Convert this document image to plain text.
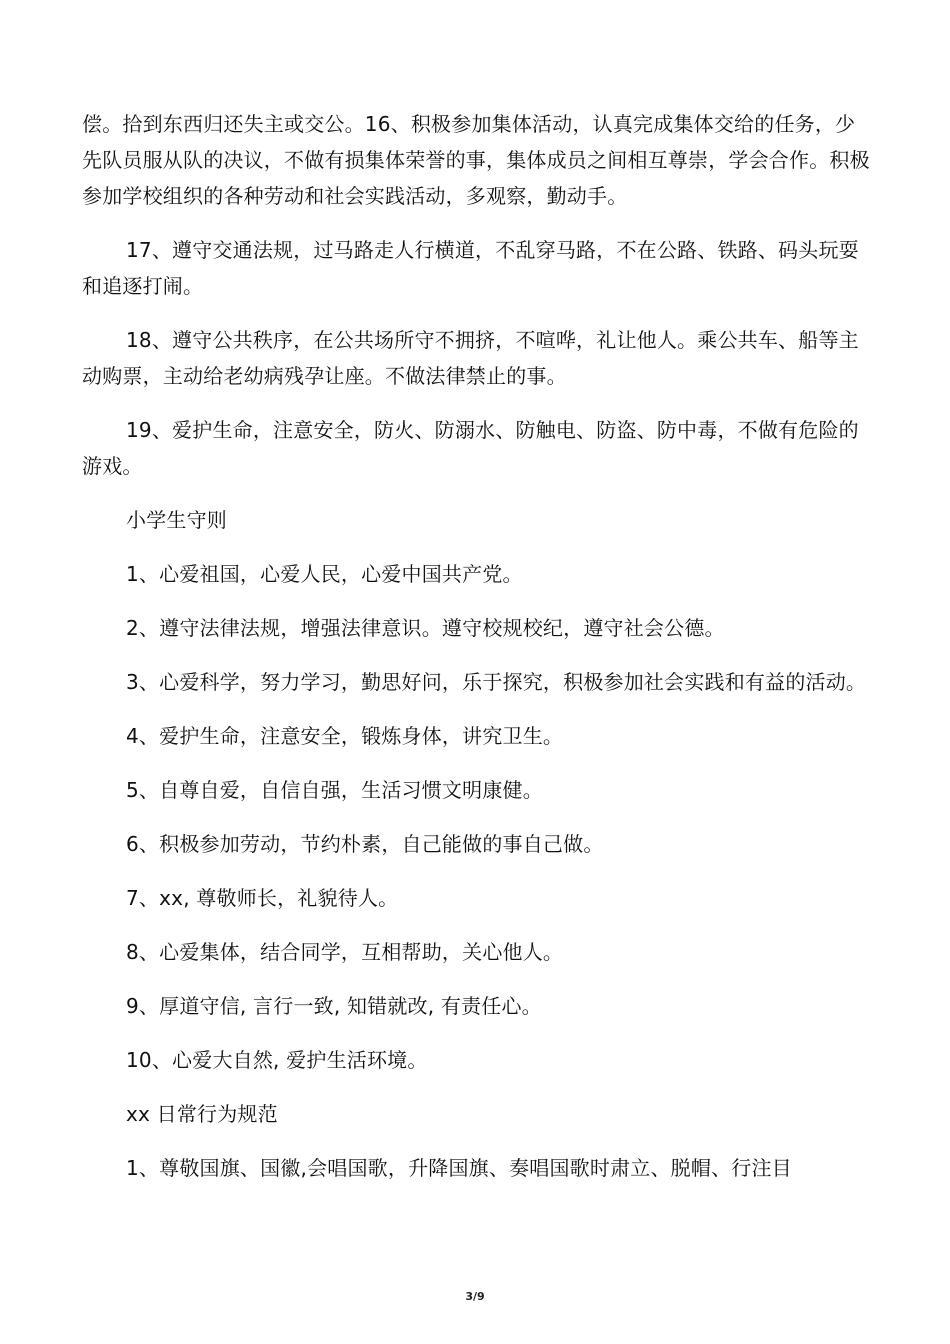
偿。拾到东西归还失主或交公。16、积极参加集体活动，认真完成集体交给的任务，少先队员服从队的决议，不做有损集体荣誉的事，集体成员之间相互尊崇，学会合作。积极参加学校组织的各种劳动和社会实践活动，多观察，勤动手。

17、遵守交通法规，过马路走人行横道，不乱穿马路，不在公路、铁路、码头玩耍和追逐打闹。

18、遵守公共秩序，在公共场所守不拥挤，不喧哗，礼让他人。乘公共车、船等主动购票，主动给老幼病残孕让座。不做法律禁止的事。

19、爱护生命，注意安全，防火、防溺水、防触电、防盗、防中毒，不做有危险的游戏。

小学生守则

1、心爱祖国，心爱人民，心爱中国共产党。

2、遵守法律法规，增强法律意识。遵守校规校纪，遵守社会公德。

3、心爱科学，努力学习，勤思好问，乐于探究，积极参加社会实践和有益的活动。

4、爱护生命，注意安全，锻炼身体，讲究卫生。

5、自尊自爱，自信自强，生活习惯文明康健。

6、积极参加劳动，节约朴素，自己能做的事自己做。

7、xx, 尊敬师长，礼貌待人。

8、心爱集体，结合同学，互相帮助，关心他人。

9、厚道守信, 言行一致, 知错就改, 有责任心。

10、心爱大自然, 爱护生活环境。

xx 日常行为规范

1、尊敬国旗、国徽,会唱国歌，升降国旗、奏唱国歌时肃立、脱帽、行注目

3/9
